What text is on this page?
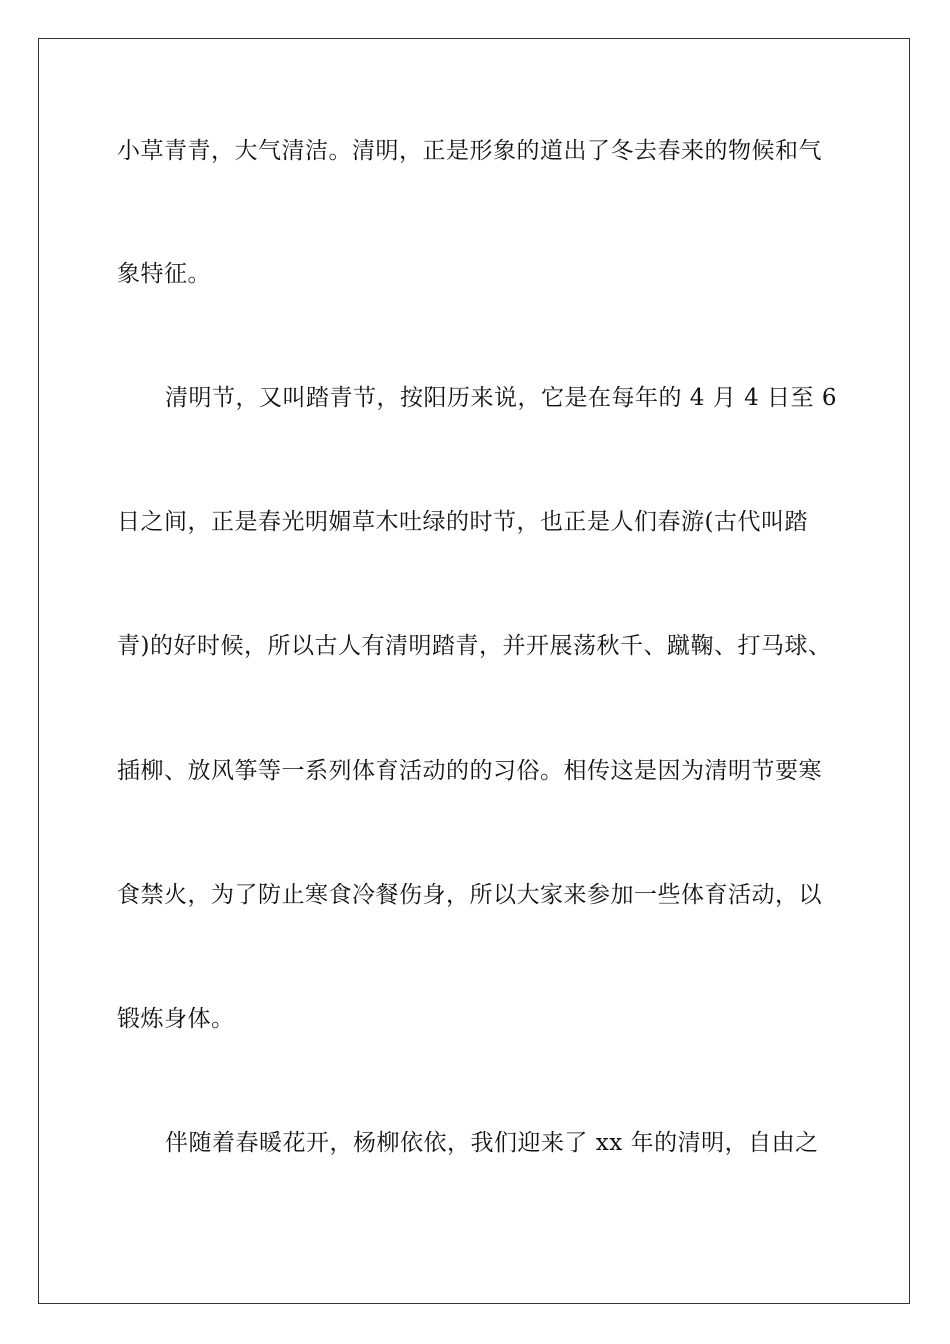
小草青青，大气清洁。清明，正是形象的道出了冬去春来的物候和气
象特征。
清明节，又叫踏青节，按阳历来说，它是在每年的 4 月 4 日至 6
日之间，正是春光明媚草木吐绿的时节，也正是人们春游(古代叫踏
青)的好时候，所以古人有清明踏青，并开展荡秋千、蹴鞠、打马球、
插柳、放风筝等一系列体育活动的的习俗。相传这是因为清明节要寒
食禁火，为了防止寒食冷餐伤身，所以大家来参加一些体育活动，以
锻炼身体。
伴随着春暖花开，杨柳依依，我们迎来了 xx 年的清明，自由之
